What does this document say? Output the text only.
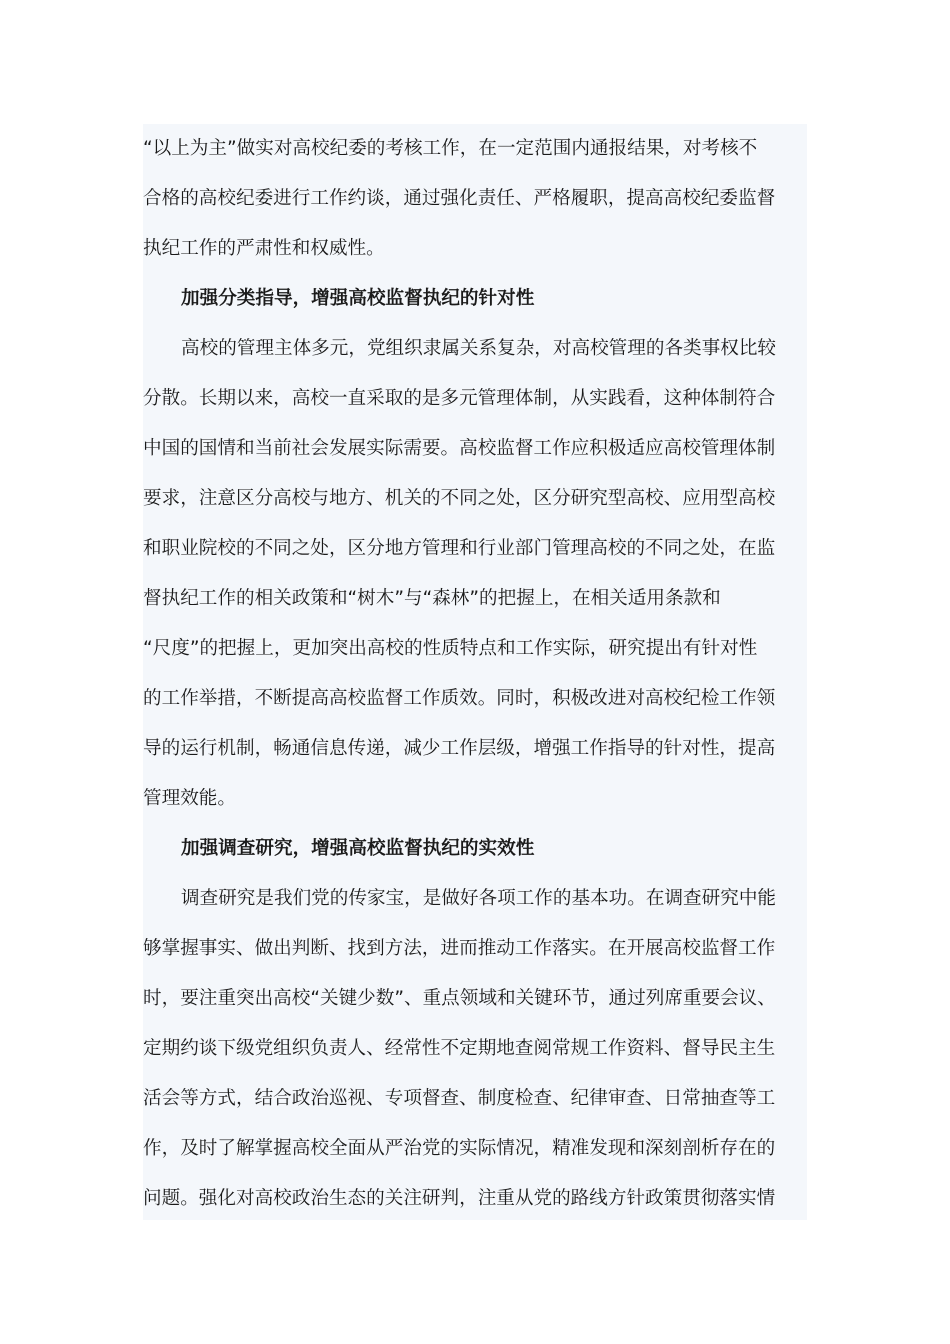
“以上为主”做实对高校纪委的考核工作，在一定范围内通报结果，对考核不
合格的高校纪委进行工作约谈，通过强化责任、严格履职，提高高校纪委监督
执纪工作的严肃性和权威性。
加强分类指导，增强高校监督执纪的针对性
高校的管理主体多元，党组织隶属关系复杂，对高校管理的各类事权比较
分散。长期以来，高校一直采取的是多元管理体制，从实践看，这种体制符合
中国的国情和当前社会发展实际需要。高校监督工作应积极适应高校管理体制
要求，注意区分高校与地方、机关的不同之处，区分研究型高校、应用型高校
和职业院校的不同之处，区分地方管理和行业部门管理高校的不同之处，在监
督执纪工作的相关政策和“树木”与“森林”的把握上，在相关适用条款和
“尺度”的把握上，更加突出高校的性质特点和工作实际，研究提出有针对性
的工作举措，不断提高高校监督工作质效。同时，积极改进对高校纪检工作领
导的运行机制，畅通信息传递，减少工作层级，增强工作指导的针对性，提高
管理效能。
加强调查研究，增强高校监督执纪的实效性
调查研究是我们党的传家宝，是做好各项工作的基本功。在调查研究中能
够掌握事实、做出判断、找到方法，进而推动工作落实。在开展高校监督工作
时，要注重突出高校“关键少数”、重点领域和关键环节，通过列席重要会议、
定期约谈下级党组织负责人、经常性不定期地查阅常规工作资料、督导民主生
活会等方式，结合政治巡视、专项督查、制度检查、纪律审查、日常抽查等工
作，及时了解掌握高校全面从严治党的实际情况，精准发现和深刻剖析存在的
问题。强化对高校政治生态的关注研判，注重从党的路线方针政策贯彻落实情
